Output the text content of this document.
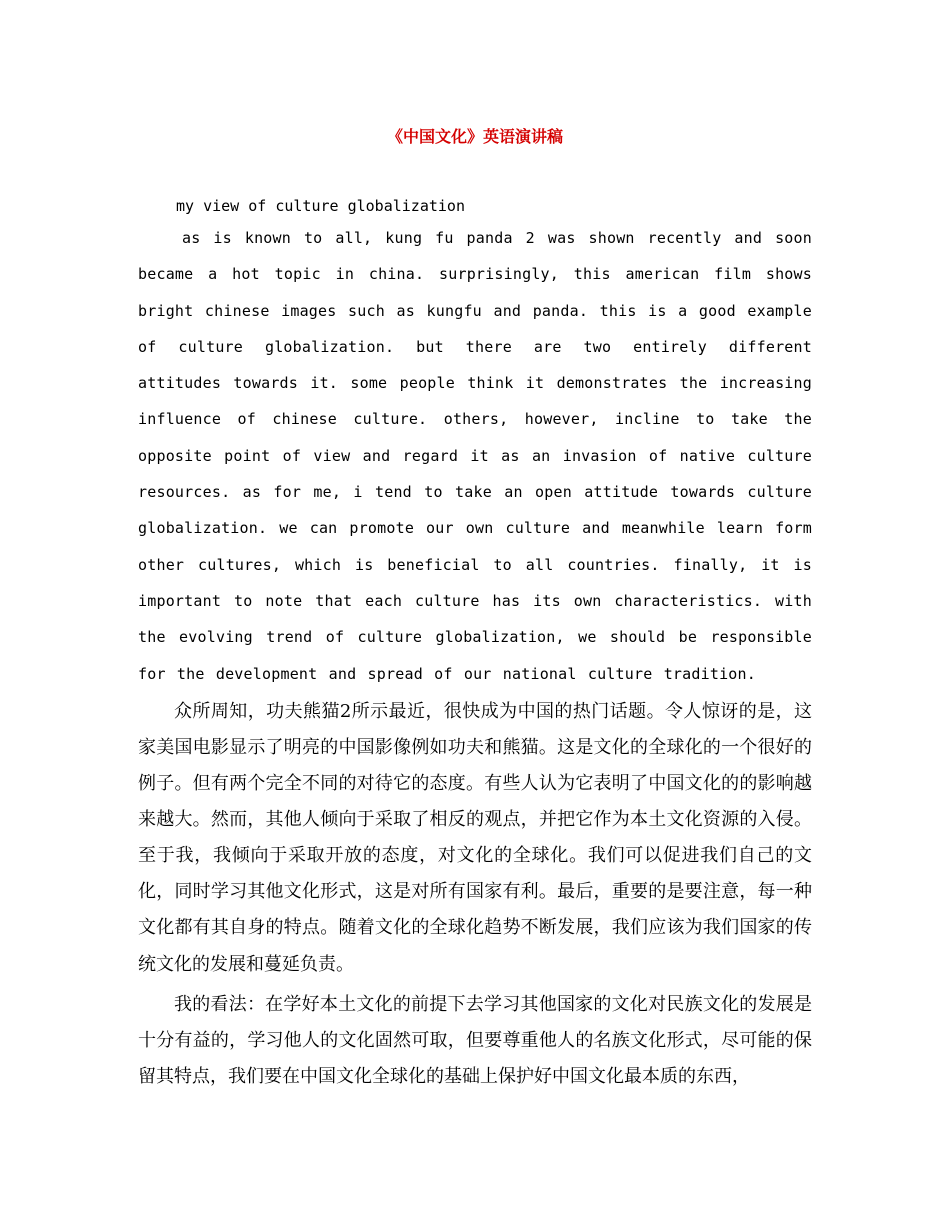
《中国文化》英语演讲稿

my view of culture globalization

as is known to all, kung fu panda 2 was shown recently and soon became a hot topic in china. surprisingly, this american film shows bright chinese images such as kungfu and panda. this is a good example of culture globalization. but there are two entirely different attitudes towards it. some people think it demonstrates the increasing influence of chinese culture. others, however, incline to take the opposite point of view and regard it as an invasion of native culture resources. as for me, i tend to take an open attitude towards culture globalization. we can promote our own culture and meanwhile learn form other cultures, which is beneficial to all countries. finally, it is important to note that each culture has its own characteristics. with the evolving trend of culture globalization, we should be responsible for the development and spread of our national culture tradition.

众所周知，功夫熊猫2所示最近，很快成为中国的热门话题。令人惊讶的是，这家美国电影显示了明亮的中国影像例如功夫和熊猫。这是文化的全球化的一个很好的例子。但有两个完全不同的对待它的态度。有些人认为它表明了中国文化的的影响越来越大。然而，其他人倾向于采取了相反的观点，并把它作为本土文化资源的入侵。至于我，我倾向于采取开放的态度，对文化的全球化。我们可以促进我们自己的文化，同时学习其他文化形式，这是对所有国家有利。最后，重要的是要注意，每一种文化都有其自身的特点。随着文化的全球化趋势不断发展，我们应该为我们国家的传统文化的发展和蔓延负责。

我的看法：在学好本土文化的前提下去学习其他国家的文化对民族文化的发展是十分有益的，学习他人的文化固然可取，但要尊重他人的名族文化形式，尽可能的保留其特点，我们要在中国文化全球化的基础上保护好中国文化最本质的东西，
